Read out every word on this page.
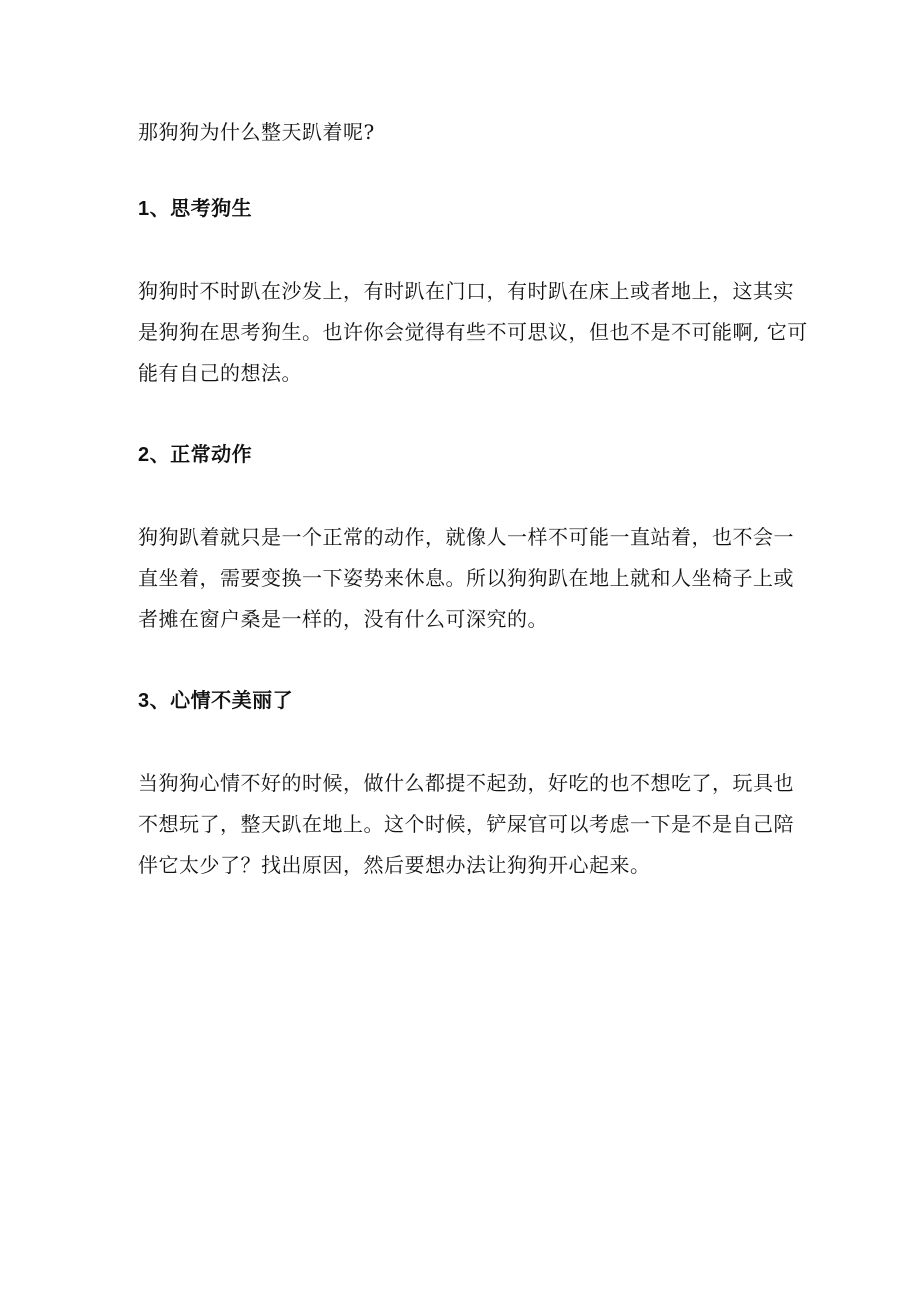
那狗狗为什么整天趴着呢?

1、思考狗生

狗狗时不时趴在沙发上，有时趴在门口，有时趴在床上或者地上，这其实
是狗狗在思考狗生。也许你会觉得有些不可思议，但也不是不可能啊, 它可
能有自己的想法。

2、正常动作

狗狗趴着就只是一个正常的动作，就像人一样不可能一直站着，也不会一
直坐着，需要变换一下姿势来休息。所以狗狗趴在地上就和人坐椅子上或
者摊在窗户桑是一样的，没有什么可深究的。

3、心情不美丽了

当狗狗心情不好的时候，做什么都提不起劲，好吃的也不想吃了，玩具也
不想玩了，整天趴在地上。这个时候，铲屎官可以考虑一下是不是自己陪
伴它太少了？找出原因，然后要想办法让狗狗开心起来。
